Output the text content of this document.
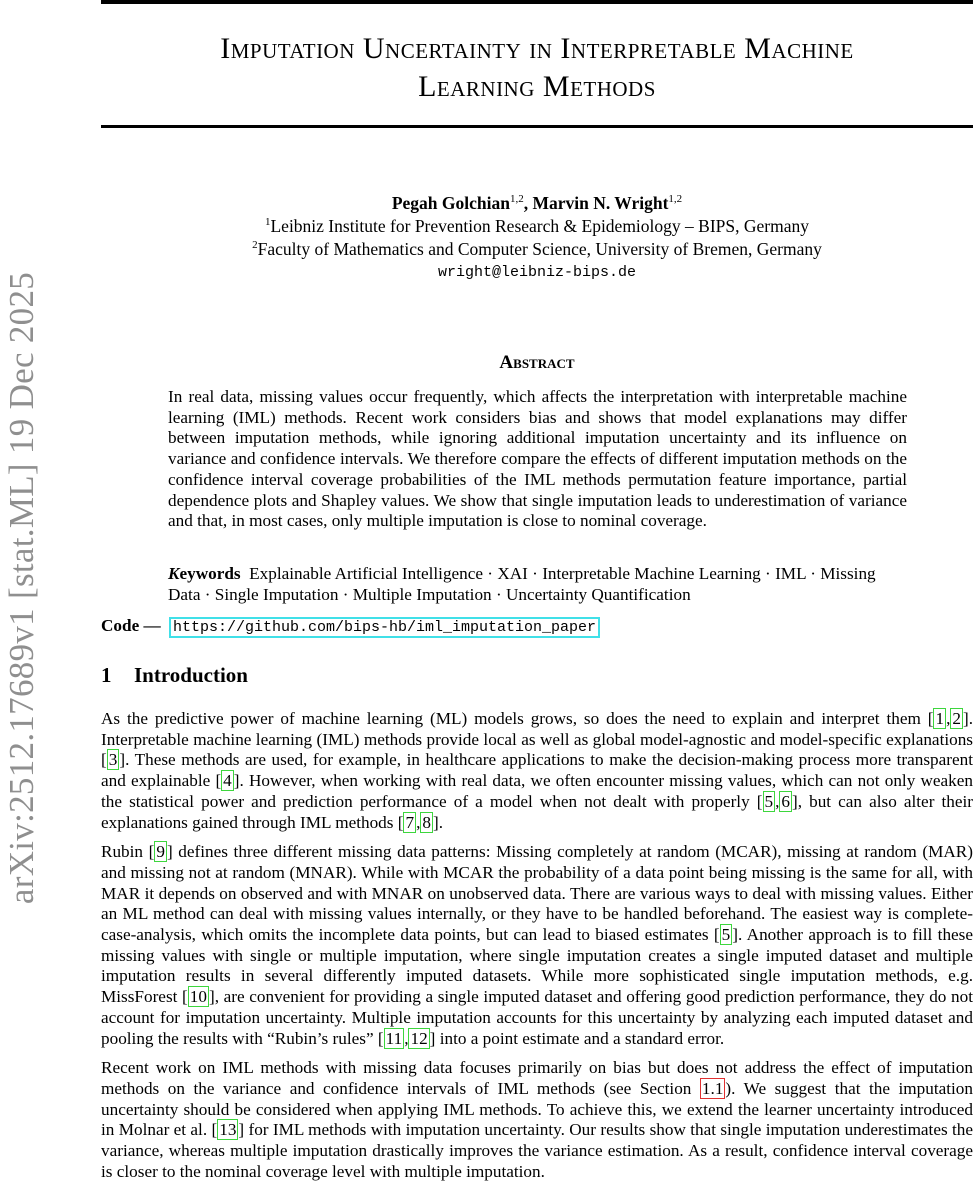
arXiv:2512.17689v1 [stat.ML] 19 Dec 2025
Imputation Uncertainty in Interpretable Machine
Learning Methods
Pegah Golchian$^{1,2}$, Marvin N. Wright$^{1,2}$
$^1$Leibniz Institute for Prevention Research & Epidemiology – BIPS, Germany
$^2$Faculty of Mathematics and Computer Science, University of Bremen, Germany
wright@leibniz-bips.de
Abstract
In real data, missing values occur frequently, which affects the interpretation with interpretable machine learning (IML) methods. Recent work considers bias and shows that model explanations may differ between imputation methods, while ignoring additional imputation uncertainty and its influence on variance and confidence intervals. We therefore compare the effects of different imputation methods on the confidence interval coverage probabilities of the IML methods permutation feature importance, partial dependence plots and Shapley values. We show that single imputation leads to underestimation of variance and that, in most cases, only multiple imputation is close to nominal coverage.
Keywords Explainable Artificial Intelligence · XAI · Interpretable Machine Learning · IML · Missing Data · Single Imputation · Multiple Imputation · Uncertainty Quantification
Code — https://github.com/bips-hb/iml_imputation_paper
1 Introduction

As the predictive power of machine learning (ML) models grows, so does the need to explain and interpret them [ 1 , 2 ]. Interpretable machine learning (IML) methods provide local as well as global model-agnostic and model-specific explanations [ 3 ]. These methods are used, for example, in healthcare applications to make the decision-making process more transparent and explainable [ 4 ]. However, when working with real data, we often encounter missing values, which can not only weaken the statistical power and prediction performance of a model when not dealt with properly [ 5 , 6 ], but can also alter their explanations gained through IML methods [ 7 , 8 ].

Rubin [ 9 ] defines three different missing data patterns: Missing completely at random (MCAR), missing at random (MAR) and missing not at random (MNAR). While with MCAR the probability of a data point being missing is the same for all, with MAR it depends on observed and with MNAR on unobserved data. There are various ways to deal with missing values. Either an ML method can deal with missing values internally, or they have to be handled beforehand. The easiest way is complete-case-analysis, which omits the incomplete data points, but can lead to biased estimates [ 5 ]. Another approach is to fill these missing values with single or multiple imputation, where single imputation creates a single imputed dataset and multiple imputation results in several differently imputed datasets. While more sophisticated single imputation methods, e.g. MissForest [ 10 ], are convenient for providing a single imputed dataset and offering good prediction performance, they do not account for imputation uncertainty. Multiple imputation accounts for this uncertainty by analyzing each imputed dataset and pooling the results with “Rubin’s rules” [ 11 , 12 ] into a point estimate and a standard error.

Recent work on IML methods with missing data focuses primarily on bias but does not address the effect of imputation methods on the variance and confidence intervals of IML methods (see Section 1.1 ). We suggest that the imputation uncertainty should be considered when applying IML methods. To achieve this, we extend the learner uncertainty introduced in Molnar et al. [ 13 ] for IML methods with imputation uncertainty. Our results show that single imputation underestimates the variance, whereas multiple imputation drastically improves the variance estimation. As a result, confidence interval coverage is closer to the nominal coverage level with multiple imputation.
